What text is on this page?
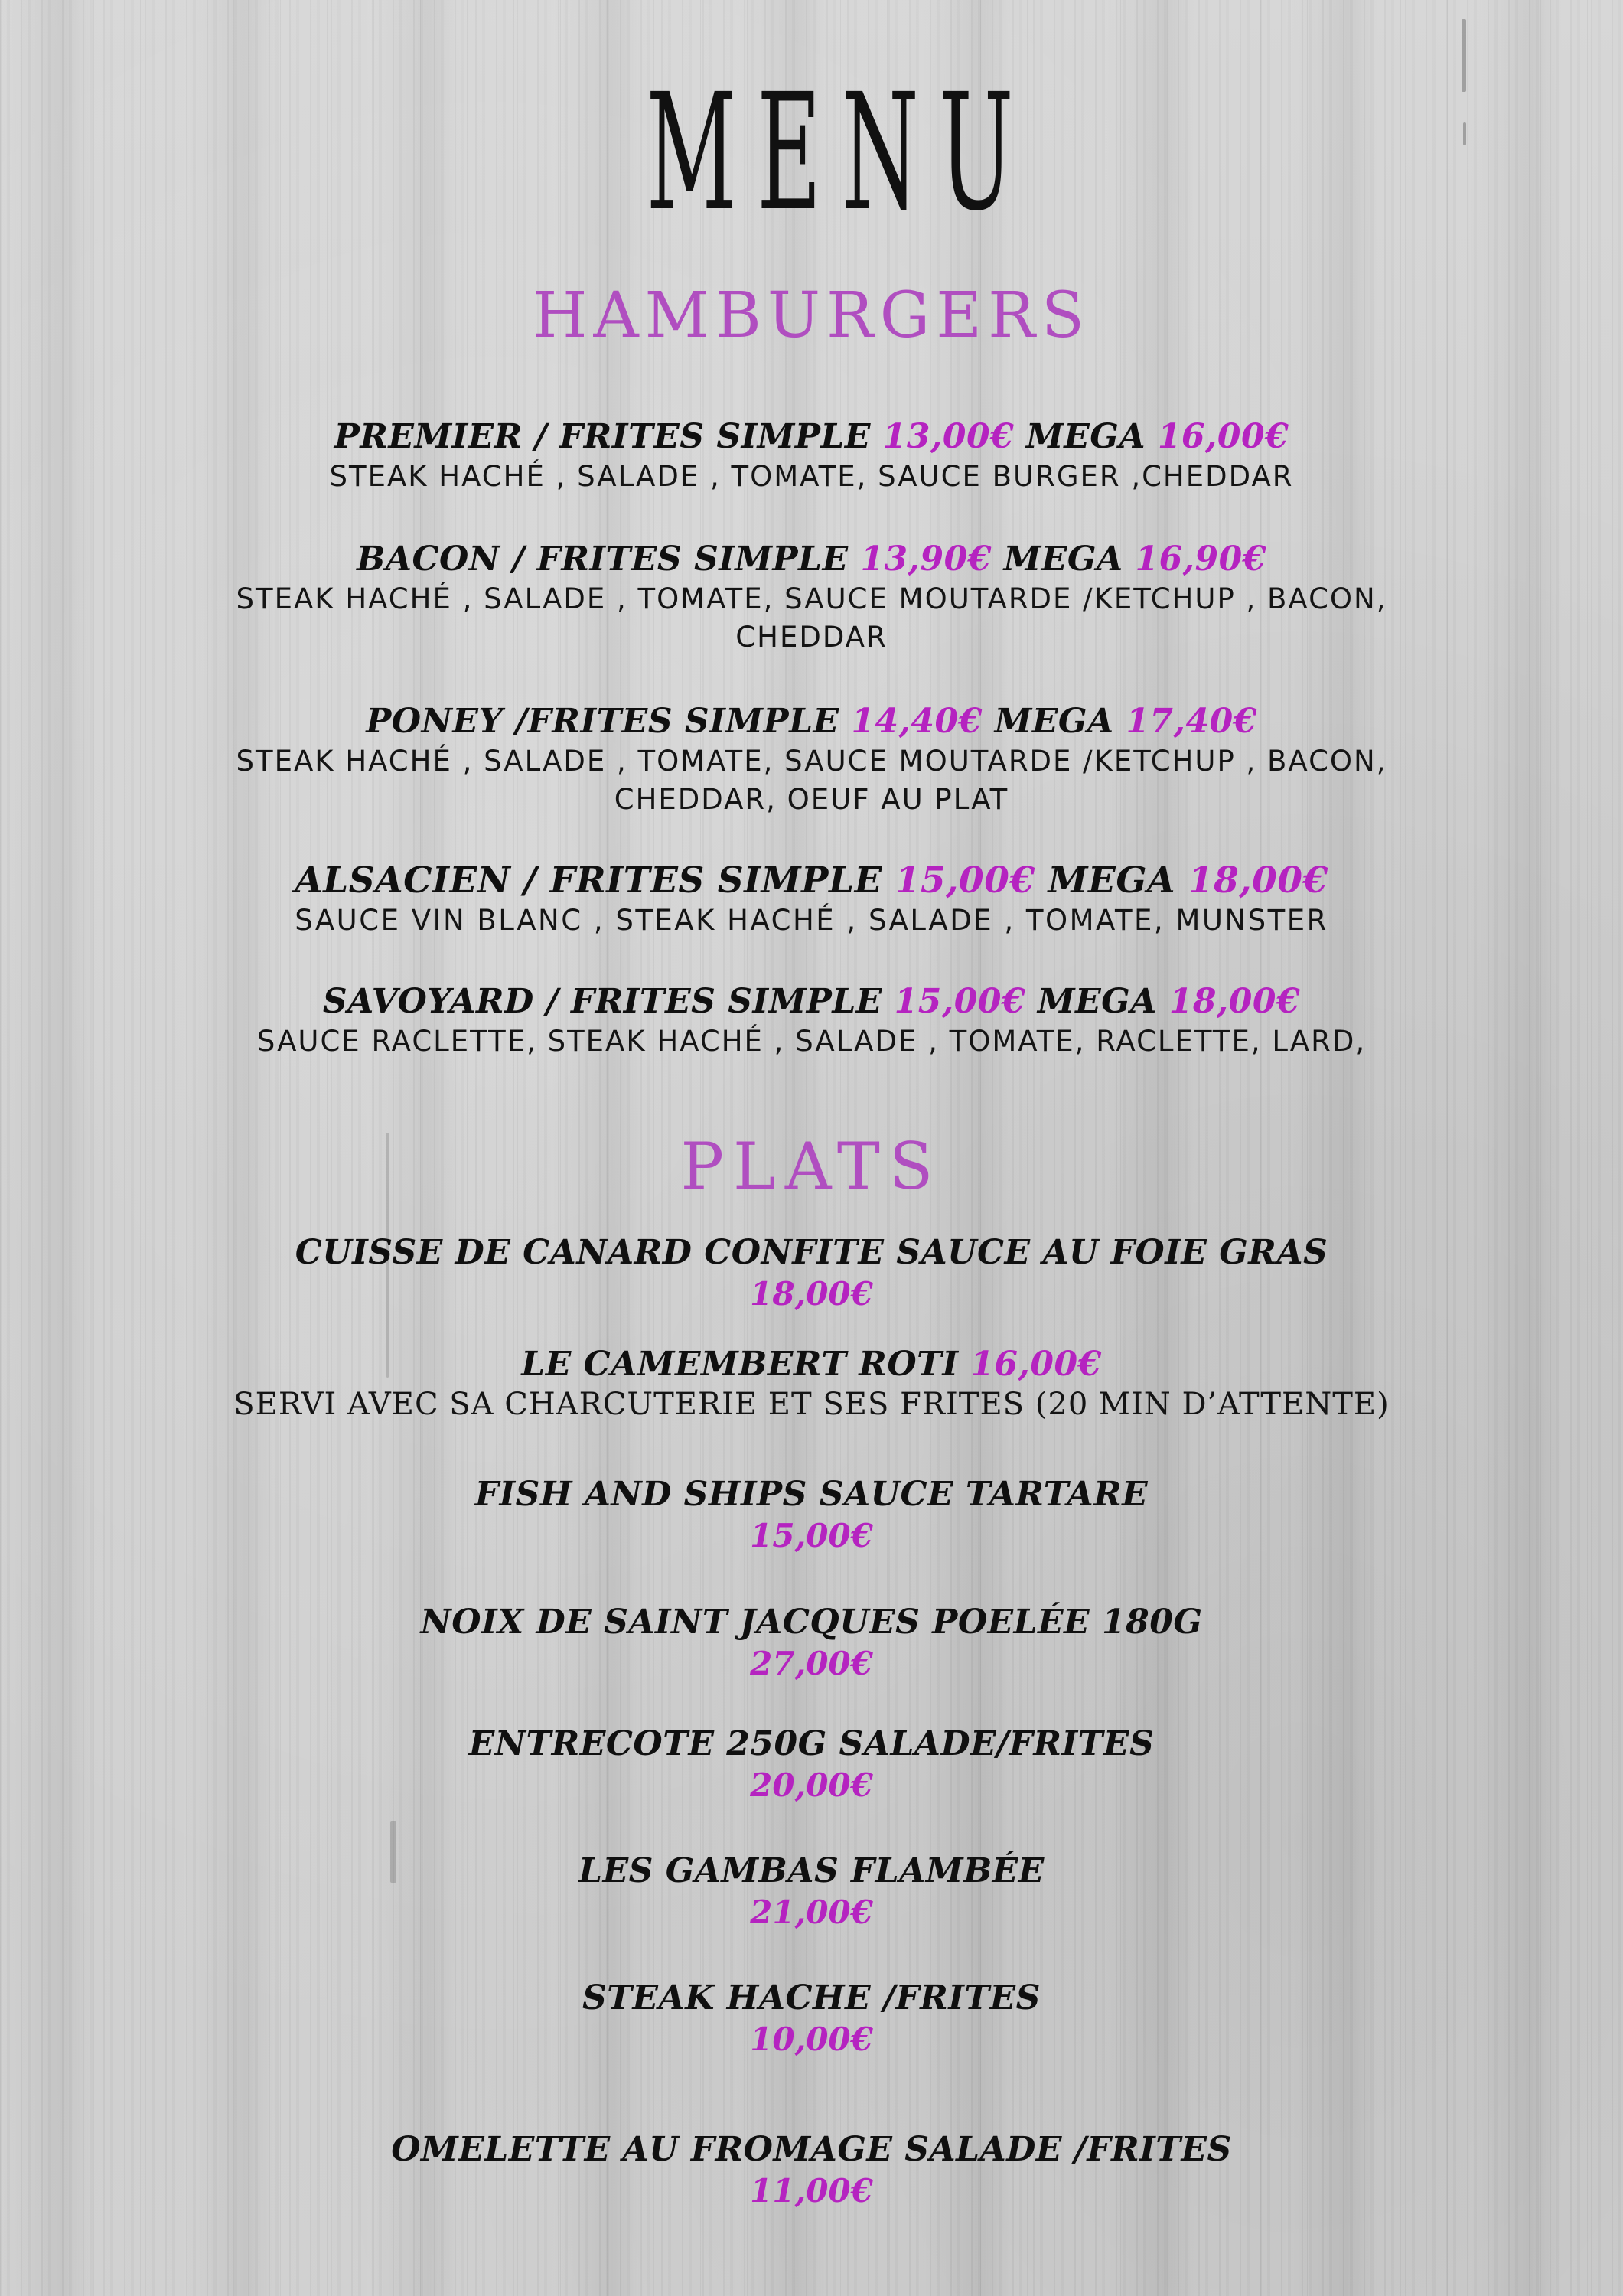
MENU
HAMBURGERS
PREMIER / FRITES SIMPLE 13,00€ MEGA 16,00€
STEAK HACHÉ , SALADE , TOMATE, SAUCE BURGER ,CHEDDAR
BACON / FRITES SIMPLE 13,90€ MEGA 16,90€
STEAK HACHÉ , SALADE , TOMATE, SAUCE MOUTARDE /KETCHUP , BACON,
CHEDDAR
PONEY /FRITES SIMPLE 14,40€ MEGA 17,40€
STEAK HACHÉ , SALADE , TOMATE, SAUCE MOUTARDE /KETCHUP , BACON,
CHEDDAR, OEUF AU PLAT
ALSACIEN / FRITES SIMPLE 15,00€ MEGA 18,00€
SAUCE VIN BLANC , STEAK HACHÉ , SALADE , TOMATE, MUNSTER
SAVOYARD / FRITES SIMPLE 15,00€ MEGA 18,00€
SAUCE RACLETTE, STEAK HACHÉ , SALADE , TOMATE, RACLETTE, LARD,
PLATS
CUISSE DE CANARD CONFITE SAUCE AU FOIE GRAS
18,00€
LE CAMEMBERT ROTI 16,00€
SERVI AVEC SA CHARCUTERIE ET SES FRITES (20 MIN D’ATTENTE)
FISH AND SHIPS SAUCE TARTARE
15,00€
NOIX DE SAINT JACQUES POELÉE 180G
27,00€
ENTRECOTE 250G SALADE/FRITES
20,00€
LES GAMBAS FLAMBÉE
21,00€
STEAK HACHE /FRITES
10,00€
OMELETTE AU FROMAGE SALADE /FRITES
11,00€
